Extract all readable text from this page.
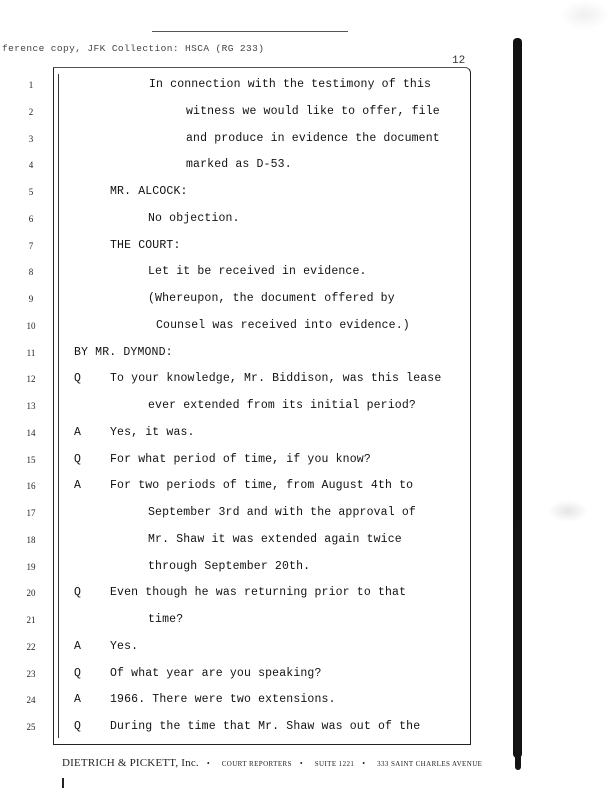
ference copy, JFK Collection: HSCA (RG 233)
12
1	In connection with the testimony of this
2	witness we would like to offer, file
3	and produce in evidence the document
4	marked as D-53.
5	MR. ALCOCK:
6	No objection.
7	THE COURT:
8	Let it be received in evidence.
9	(Whereupon, the document offered by
10	Counsel was received into evidence.)
11	BY MR. DYMOND:
12	Q	To your knowledge, Mr. Biddison, was this lease
13	ever extended from its initial period?
14	A	Yes, it was.
15	Q	For what period of time, if you know?
16	A	For two periods of time, from August 4th to
17	September 3rd and with the approval of
18	Mr. Shaw it was extended again twice
19	through September 20th.
20	Q	Even though he was returning prior to that
21	time?
22	A	Yes.
23	Q	Of what year are you speaking?
24	A	1966. There were two extensions.
25	Q	During the time that Mr. Shaw was out of the
DIETRICH & PICKETT, Inc. • COURT REPORTERS • SUITE 1221 • 333 SAINT CHARLES AVENUE
